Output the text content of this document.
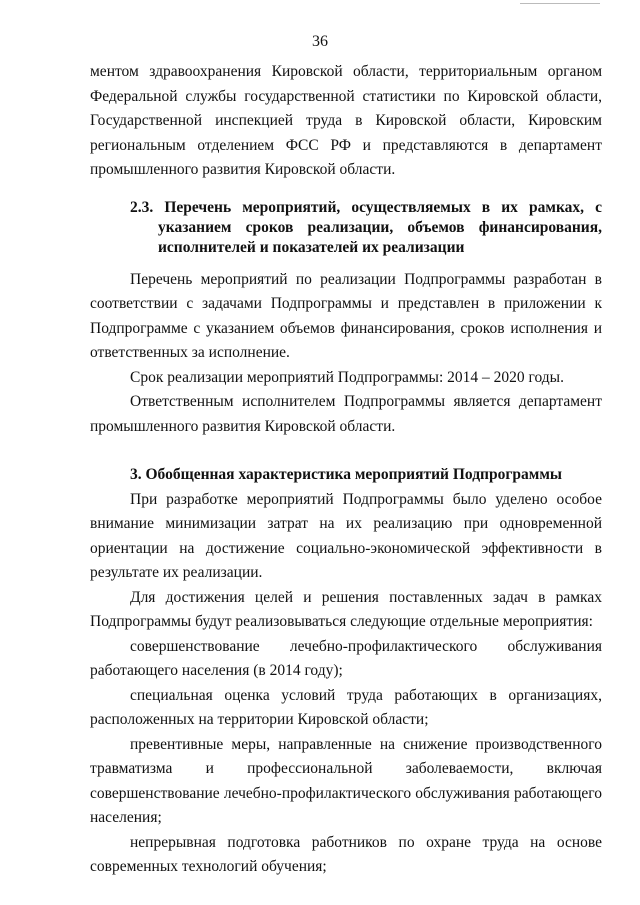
36

ментом здравоохранения Кировской области, территориальным органом Федеральной службы государственной статистики по Кировской области, Государственной инспекцией труда в Кировской области, Кировским региональным отделением ФСС РФ и представляются в департамент промышленного развития Кировской области.

2.3. Перечень мероприятий, осуществляемых в их рамках, с указанием сроков реализации, объемов финансирования, исполнителей и показателей их реализации

Перечень мероприятий по реализации Подпрограммы разработан в соответствии с задачами Подпрограммы и представлен в приложении к Подпрограмме с указанием объемов финансирования, сроков исполнения и ответственных за исполнение.

Срок реализации мероприятий Подпрограммы: 2014 – 2020 годы.

Ответственным исполнителем Подпрограммы является департамент промышленного развития Кировской области.

3. Обобщенная характеристика мероприятий Подпрограммы

При разработке мероприятий Подпрограммы было уделено особое внимание минимизации затрат на их реализацию при одновременной ориентации на достижение социально-экономической эффективности в результате их реализации.

Для достижения целей и решения поставленных задач в рамках Подпрограммы будут реализовываться следующие отдельные мероприятия:

совершенствование лечебно-профилактического обслуживания работающего населения (в 2014 году);

специальная оценка условий труда работающих в организациях, расположенных на территории Кировской области;

превентивные меры, направленные на снижение производственного травматизма и профессиональной заболеваемости, включая совершенствование лечебно-профилактического обслуживания работающего населения;

непрерывная подготовка работников по охране труда на основе современных технологий обучения;
